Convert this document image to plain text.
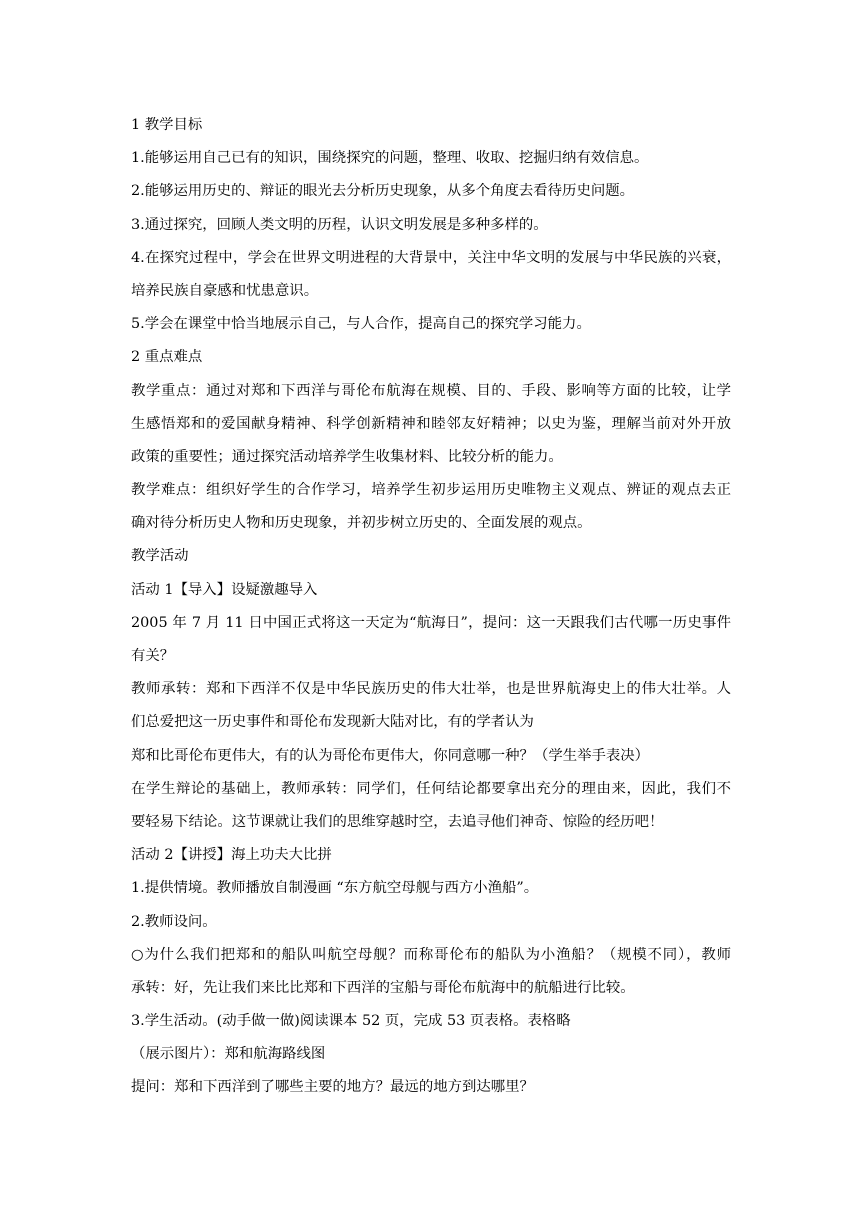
1 教学目标
1.能够运用自己已有的知识，围绕探究的问题，整理、收取、挖掘归纳有效信息。
2.能够运用历史的、辩证的眼光去分析历史现象，从多个角度去看待历史问题。
3.通过探究，回顾人类文明的历程，认识文明发展是多种多样的。
4.在探究过程中，学会在世界文明进程的大背景中，关注中华文明的发展与中华民族的兴衰，
培养民族自豪感和忧患意识。
5.学会在课堂中恰当地展示自己，与人合作，提高自己的探究学习能力。
2 重点难点
教学重点：通过对郑和下西洋与哥伦布航海在规模、目的、手段、影响等方面的比较，让学
生感悟郑和的爱国献身精神、科学创新精神和睦邻友好精神；以史为鉴，理解当前对外开放
政策的重要性；通过探究活动培养学生收集材料、比较分析的能力。
教学难点：组织好学生的合作学习，培养学生初步运用历史唯物主义观点、辨证的观点去正
确对待分析历史人物和历史现象，并初步树立历史的、全面发展的观点。
教学活动
活动 1【导入】设疑激趣导入
2005 年 7 月 11 日中国正式将这一天定为“航海日”，提问：这一天跟我们古代哪一历史事件
有关？
教师承转：郑和下西洋不仅是中华民族历史的伟大壮举，也是世界航海史上的伟大壮举。人
们总爱把这一历史事件和哥伦布发现新大陆对比，有的学者认为
郑和比哥伦布更伟大，有的认为哥伦布更伟大，你同意哪一种？（学生举手表决）
在学生辩论的基础上，教师承转：同学们，任何结论都要拿出充分的理由来，因此，我们不
要轻易下结论。这节课就让我们的思维穿越时空，去追寻他们神奇、惊险的经历吧！
活动 2【讲授】海上功夫大比拼
1.提供情境。教师播放自制漫画 “东方航空母舰与西方小渔船”。
2.教师设问。
○为什么我们把郑和的船队叫航空母舰？而称哥伦布的船队为小渔船？（规模不同），教师
承转：好，先让我们来比比郑和下西洋的宝船与哥伦布航海中的航船进行比较。
3.学生活动。(动手做一做)阅读课本 52 页，完成 53 页表格。表格略
（展示图片）：郑和航海路线图
提问：郑和下西洋到了哪些主要的地方？最远的地方到达哪里？
